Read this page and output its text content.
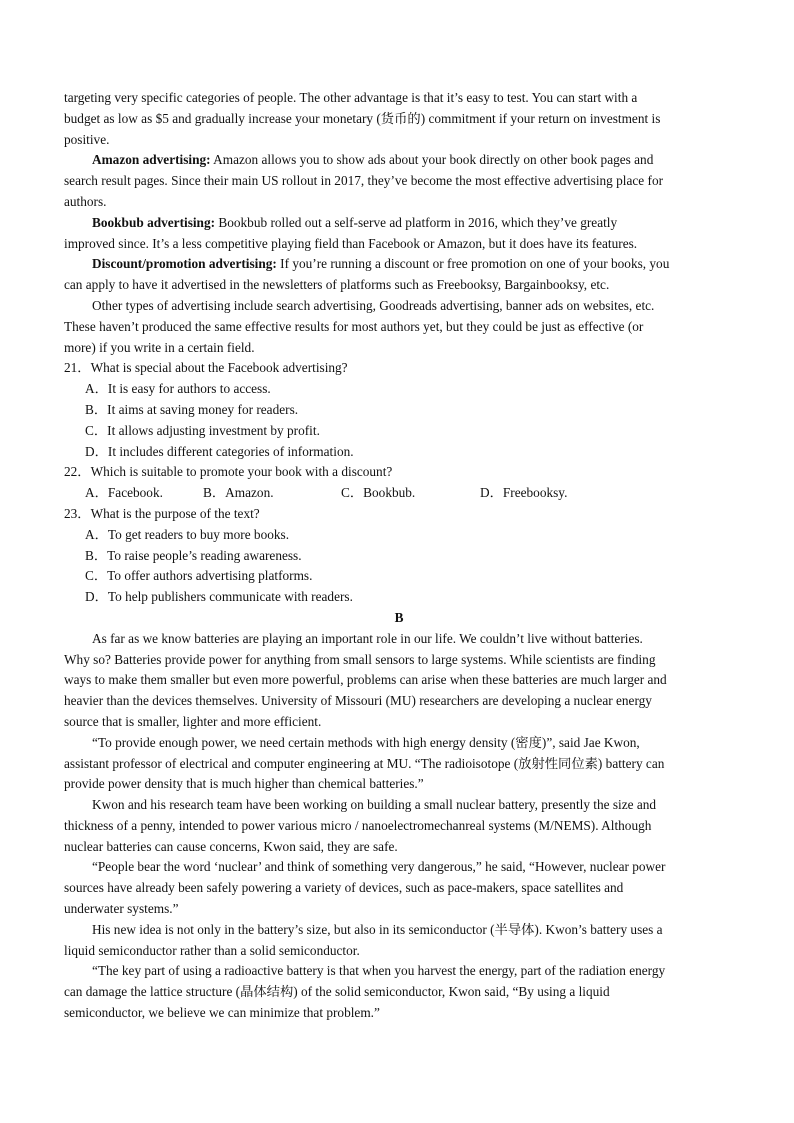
targeting very specific categories of people. The other advantage is that it’s easy to test. You can start with a
budget as low as $5 and gradually increase your monetary (货币的) commitment if your return on investment is
positive.
Amazon advertising: Amazon allows you to show ads about your book directly on other book pages and
search result pages. Since their main US rollout in 2017, they’ve become the most effective advertising place for
authors.
Bookbub advertising: Bookbub rolled out a self-serve ad platform in 2016, which they’ve greatly
improved since. It’s a less competitive playing field than Facebook or Amazon, but it does have its features.
Discount/promotion advertising: If you’re running a discount or free promotion on one of your books, you
can apply to have it advertised in the newsletters of platforms such as Freebooksy, Bargainbooksy, etc.
Other types of advertising include search advertising, Goodreads advertising, banner ads on websites, etc.
These haven’t produced the same effective results for most authors yet, but they could be just as effective (or
more) if you write in a certain field.
21．What is special about the Facebook advertising?
A．It is easy for authors to access.
B．It aims at saving money for readers.
C．It allows adjusting investment by profit.
D．It includes different categories of information.
22．Which is suitable to promote your book with a discount?
A．Facebook.	B．Amazon.	C．Bookbub.	D．Freebooksy.
23．What is the purpose of the text?
A．To get readers to buy more books.
B．To raise people’s reading awareness.
C．To offer authors advertising platforms.
D．To help publishers communicate with readers.
B
As far as we know batteries are playing an important role in our life. We couldn’t live without batteries.
Why so? Batteries provide power for anything from small sensors to large systems. While scientists are finding
ways to make them smaller but even more powerful, problems can arise when these batteries are much larger and
heavier than the devices themselves. University of Missouri (MU) researchers are developing a nuclear energy
source that is smaller, lighter and more efficient.
“To provide enough power, we need certain methods with high energy density (密度)”, said Jae Kwon,
assistant professor of electrical and computer engineering at MU. “The radioisotope (放射性同位素) battery can
provide power density that is much higher than chemical batteries.”
Kwon and his research team have been working on building a small nuclear battery, presently the size and
thickness of a penny, intended to power various micro / nanoelectromechanreal systems (M/NEMS). Although
nuclear batteries can cause concerns, Kwon said, they are safe.
“People bear the word ‘nuclear’ and think of something very dangerous,” he said, “However, nuclear power
sources have already been safely powering a variety of devices, such as pace-makers, space satellites and
underwater systems.”
His new idea is not only in the battery’s size, but also in its semiconductor (半导体). Kwon’s battery uses a
liquid semiconductor rather than a solid semiconductor.
“The key part of using a radioactive battery is that when you harvest the energy, part of the radiation energy
can damage the lattice structure (晶体结构) of the solid semiconductor, Kwon said, “By using a liquid
semiconductor, we believe we can minimize that problem.”
